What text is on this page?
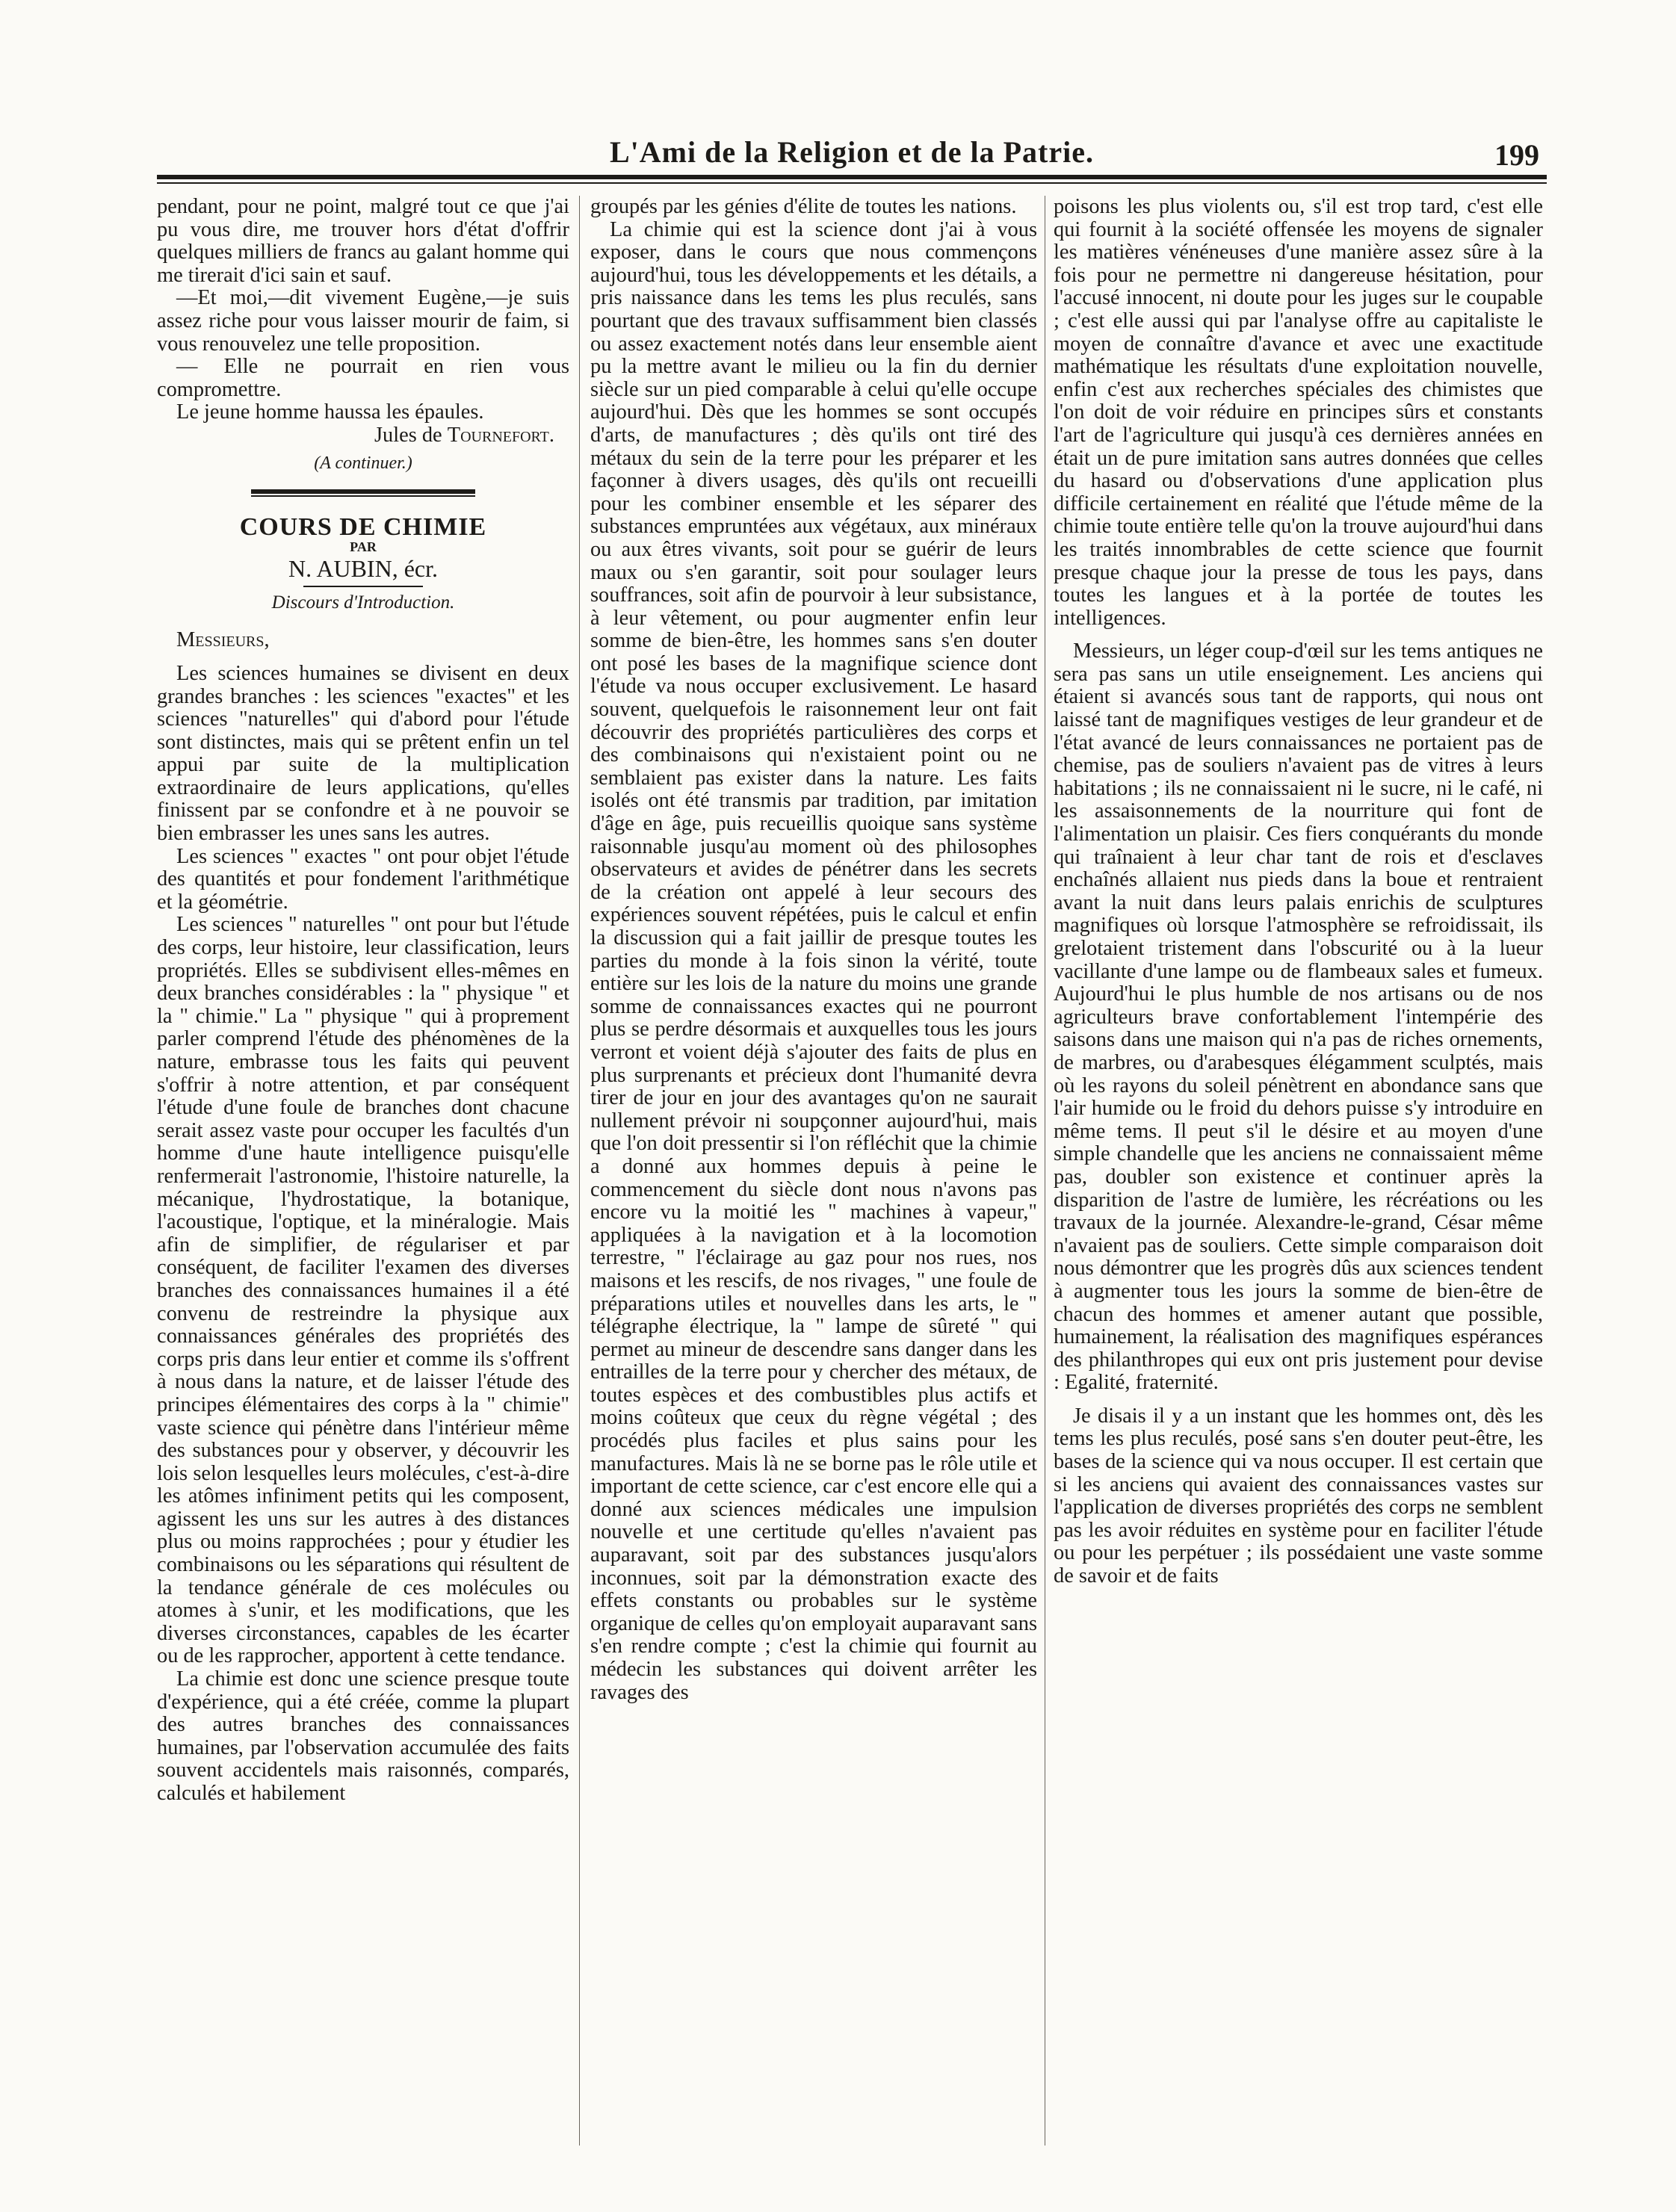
L'Ami de la Religion et de la Patrie.	199

pendant, pour ne point, malgré tout ce que j'ai pu vous dire, me trouver hors d'état d'offrir quelques milliers de francs au galant homme qui me tirerait d'ici sain et sauf.

—Et moi,—dit vivement Eugène,—je suis assez riche pour vous laisser mourir de faim, si vous renouvelez une telle proposition.

— Elle ne pourrait en rien vous compromettre.

Le jeune homme haussa les épaules.

Jules de Tournefort.

(A continuer.)

COURS DE CHIMIE

PAR

N. AUBIN, écr.

Discours d'Introduction.

Messieurs,

Les sciences humaines se divisent en deux grandes branches : les sciences "exactes" et les sciences "naturelles" qui d'abord pour l'étude sont distinctes, mais qui se prêtent enfin un tel appui par suite de la multiplication extraordinaire de leurs applications, qu'elles finissent par se confondre et à ne pouvoir se bien embrasser les unes sans les autres.

Les sciences " exactes " ont pour objet l'étude des quantités et pour fondement l'arithmétique et la géométrie.

Les sciences " naturelles " ont pour but l'étude des corps, leur histoire, leur classification, leurs propriétés. Elles se subdivisent elles-mêmes en deux branches considérables : la " physique " et la " chimie." La " physique " qui à proprement parler comprend l'étude des phénomènes de la nature, embrasse tous les faits qui peuvent s'offrir à notre attention, et par conséquent l'étude d'une foule de branches dont chacune serait assez vaste pour occuper les facultés d'un homme d'une haute intelligence puisqu'elle renfermerait l'astronomie, l'histoire naturelle, la mécanique, l'hydrostatique, la botanique, l'acoustique, l'optique, et la minéralogie. Mais afin de simplifier, de régulariser et par conséquent, de faciliter l'examen des diverses branches des connaissances humaines il a été convenu de restreindre la physique aux connaissances générales des propriétés des corps pris dans leur entier et comme ils s'offrent à nous dans la nature, et de laisser l'étude des principes élémentaires des corps à la " chimie" vaste science qui pénètre dans l'intérieur même des substances pour y observer, y découvrir les lois selon lesquelles leurs molécules, c'est-à-dire les atômes infiniment petits qui les composent, agissent les uns sur les autres à des distances plus ou moins rapprochées ; pour y étudier les combinaisons ou les séparations qui résultent de la tendance générale de ces molécules ou atomes à s'unir, et les modifications, que les diverses circonstances, capables de les écarter ou de les rapprocher, apportent à cette tendance.

La chimie est donc une science presque toute d'expérience, qui a été créée, comme la plupart des autres branches des connaissances humaines, par l'observation accumulée des faits souvent accidentels mais raisonnés, comparés, calculés et habilement

groupés par les génies d'élite de toutes les nations.

La chimie qui est la science dont j'ai à vous exposer, dans le cours que nous commençons aujourd'hui, tous les développements et les détails, a pris naissance dans les tems les plus reculés, sans pourtant que des travaux suffisamment bien classés ou assez exactement notés dans leur ensemble aient pu la mettre avant le milieu ou la fin du dernier siècle sur un pied comparable à celui qu'elle occupe aujourd'hui. Dès que les hommes se sont occupés d'arts, de manufactures ; dès qu'ils ont tiré des métaux du sein de la terre pour les préparer et les façonner à divers usages, dès qu'ils ont recueilli pour les combiner ensemble et les séparer des substances empruntées aux végétaux, aux minéraux ou aux êtres vivants, soit pour se guérir de leurs maux ou s'en garantir, soit pour soulager leurs souffrances, soit afin de pourvoir à leur subsistance, à leur vêtement, ou pour augmenter enfin leur somme de bien-être, les hommes sans s'en douter ont posé les bases de la magnifique science dont l'étude va nous occuper exclusivement. Le hasard souvent, quelquefois le raisonnement leur ont fait découvrir des propriétés particulières des corps et des combinaisons qui n'existaient point ou ne semblaient pas exister dans la nature. Les faits isolés ont été transmis par tradition, par imitation d'âge en âge, puis recueillis quoique sans système raisonnable jusqu'au moment où des philosophes observateurs et avides de pénétrer dans les secrets de la création ont appelé à leur secours des expériences souvent répétées, puis le calcul et enfin la discussion qui a fait jaillir de presque toutes les parties du monde à la fois sinon la vérité, toute entière sur les lois de la nature du moins une grande somme de connaissances exactes qui ne pourront plus se perdre désormais et auxquelles tous les jours verront et voient déjà s'ajouter des faits de plus en plus surprenants et précieux dont l'humanité devra tirer de jour en jour des avantages qu'on ne saurait nullement prévoir ni soupçonner aujourd'hui, mais que l'on doit pressentir si l'on réfléchit que la chimie a donné aux hommes depuis à peine le commencement du siècle dont nous n'avons pas encore vu la moitié les " machines à vapeur," appliquées à la navigation et à la locomotion terrestre, " l'éclairage au gaz pour nos rues, nos maisons et les rescifs, de nos rivages, " une foule de préparations utiles et nouvelles dans les arts, le " télégraphe électrique, la " lampe de sûreté " qui permet au mineur de descendre sans danger dans les entrailles de la terre pour y chercher des métaux, de toutes espèces et des combustibles plus actifs et moins coûteux que ceux du règne végétal ; des procédés plus faciles et plus sains pour les manufactures. Mais là ne se borne pas le rôle utile et important de cette science, car c'est encore elle qui a donné aux sciences médicales une impulsion nouvelle et une certitude qu'elles n'avaient pas auparavant, soit par des substances jusqu'alors inconnues, soit par la démonstration exacte des effets constants ou probables sur le système organique de celles qu'on employait auparavant sans s'en rendre compte ; c'est la chimie qui fournit au médecin les substances qui doivent arrêter les ravages des

poisons les plus violents ou, s'il est trop tard, c'est elle qui fournit à la société offensée les moyens de signaler les matières vénéneuses d'une manière assez sûre à la fois pour ne permettre ni dangereuse hésitation, pour l'accusé innocent, ni doute pour les juges sur le coupable ; c'est elle aussi qui par l'analyse offre au capitaliste le moyen de connaître d'avance et avec une exactitude mathématique les résultats d'une exploitation nouvelle, enfin c'est aux recherches spéciales des chimistes que l'on doit de voir réduire en principes sûrs et constants l'art de l'agriculture qui jusqu'à ces dernières années en était un de pure imitation sans autres données que celles du hasard ou d'observations d'une application plus difficile certainement en réalité que l'étude même de la chimie toute entière telle qu'on la trouve aujourd'hui dans les traités innombrables de cette science que fournit presque chaque jour la presse de tous les pays, dans toutes les langues et à la portée de toutes les intelligences.

Messieurs, un léger coup-d'œil sur les tems antiques ne sera pas sans un utile enseignement. Les anciens qui étaient si avancés sous tant de rapports, qui nous ont laissé tant de magnifiques vestiges de leur grandeur et de l'état avancé de leurs connaissances ne portaient pas de chemise, pas de souliers n'avaient pas de vitres à leurs habitations ; ils ne connaissaient ni le sucre, ni le café, ni les assaisonnements de la nourriture qui font de l'alimentation un plaisir. Ces fiers conquérants du monde qui traînaient à leur char tant de rois et d'esclaves enchaînés allaient nus pieds dans la boue et rentraient avant la nuit dans leurs palais enrichis de sculptures magnifiques où lorsque l'atmosphère se refroidissait, ils grelotaient tristement dans l'obscurité ou à la lueur vacillante d'une lampe ou de flambeaux sales et fumeux. Aujourd'hui le plus humble de nos artisans ou de nos agriculteurs brave confortablement l'intempérie des saisons dans une maison qui n'a pas de riches ornements, de marbres, ou d'arabesques élégamment sculptés, mais où les rayons du soleil pénètrent en abondance sans que l'air humide ou le froid du dehors puisse s'y introduire en même tems. Il peut s'il le désire et au moyen d'une simple chandelle que les anciens ne connaissaient même pas, doubler son existence et continuer après la disparition de l'astre de lumière, les récréations ou les travaux de la journée. Alexandre-le-grand, César même n'avaient pas de souliers. Cette simple comparaison doit nous démontrer que les progrès dûs aux sciences tendent à augmenter tous les jours la somme de bien-être de chacun des hommes et amener autant que possible, humainement, la réalisation des magnifiques espérances des philanthropes qui eux ont pris justement pour devise : Egalité, fraternité.

Je disais il y a un instant que les hommes ont, dès les tems les plus reculés, posé sans s'en douter peut-être, les bases de la science qui va nous occuper. Il est certain que si les anciens qui avaient des connaissances vastes sur l'application de diverses propriétés des corps ne semblent pas les avoir réduites en système pour en faciliter l'étude ou pour les perpétuer ; ils possédaient une vaste somme de savoir et de faits
